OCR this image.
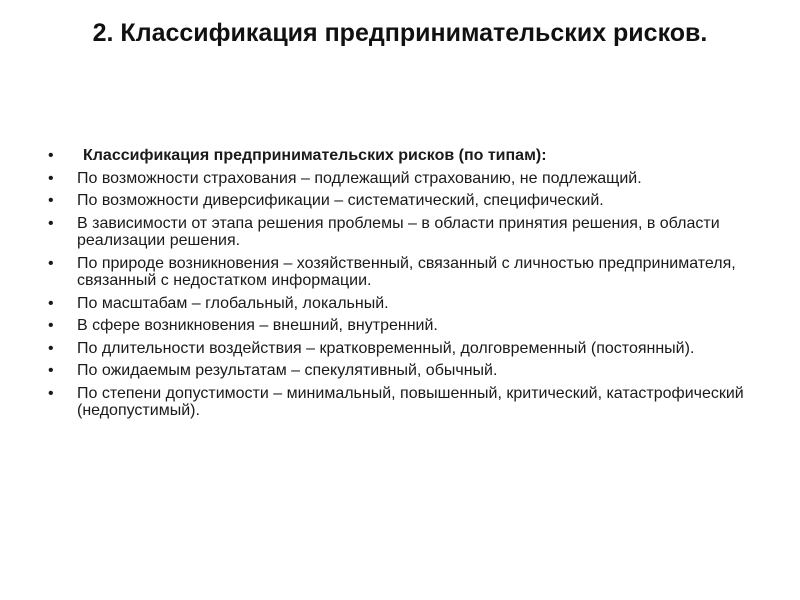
2. Классификация предпринимательских рисков.
•	Классификация предпринимательских рисков (по типам):
•	По возможности страхования – подлежащий страхованию, не подлежащий.
•	По возможности диверсификации – систематический, специфический.
•	В зависимости от этапа решения проблемы – в области принятия решения, в области реализации решения.
•	По природе возникновения – хозяйственный, связанный с личностью предпринимателя, связанный с недостатком информации.
•	По масштабам – глобальный, локальный.
•	В сфере возникновения – внешний, внутренний.
•	По длительности воздействия – кратковременный, долговременный (постоянный).
•	По ожидаемым результатам – спекулятивный, обычный.
•	По степени допустимости – минимальный, повышенный, критический, катастрофический (недопустимый).
